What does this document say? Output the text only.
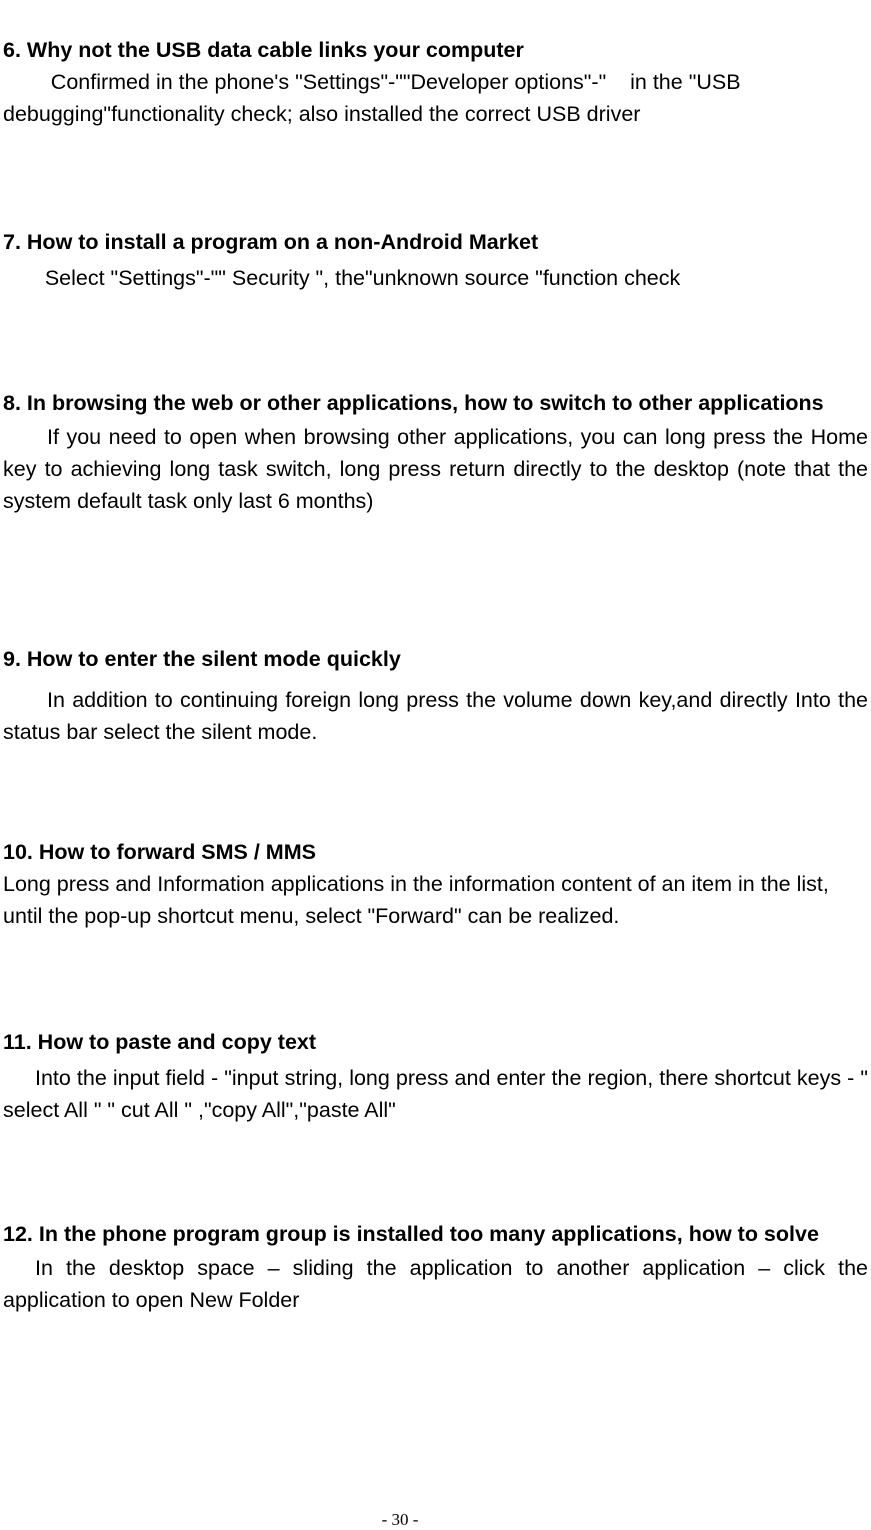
6. Why not the USB data cable links your computer

Confirmed in the phone's "Settings"-""Developer options"-"    in the "USB debugging"functionality check; also installed the correct USB driver

7. How to install a program on a non-Android Market

Select "Settings"-"" Security ", the"unknown source "function check

8. In browsing the web or other applications, how to switch to other applications

If you need to open when browsing other applications, you can long press the Home key to achieving long task switch, long press return directly to the desktop (note that the system default task only last 6 months)

9. How to enter the silent mode quickly

In addition to continuing foreign long press the volume down key,and directly Into the status bar select the silent mode.

10. How to forward SMS / MMS

Long press and Information applications in the information content of an item in the list, until the pop-up shortcut menu, select "Forward" can be realized.

11. How to paste and copy text

Into the input field - "input string, long press and enter the region, there shortcut keys - " select All " " cut All " ,"copy All","paste All"

12. In the phone program group is installed too many applications, how to solve

In the desktop space – sliding the application to another application – click the application to open New Folder

- 30 -
